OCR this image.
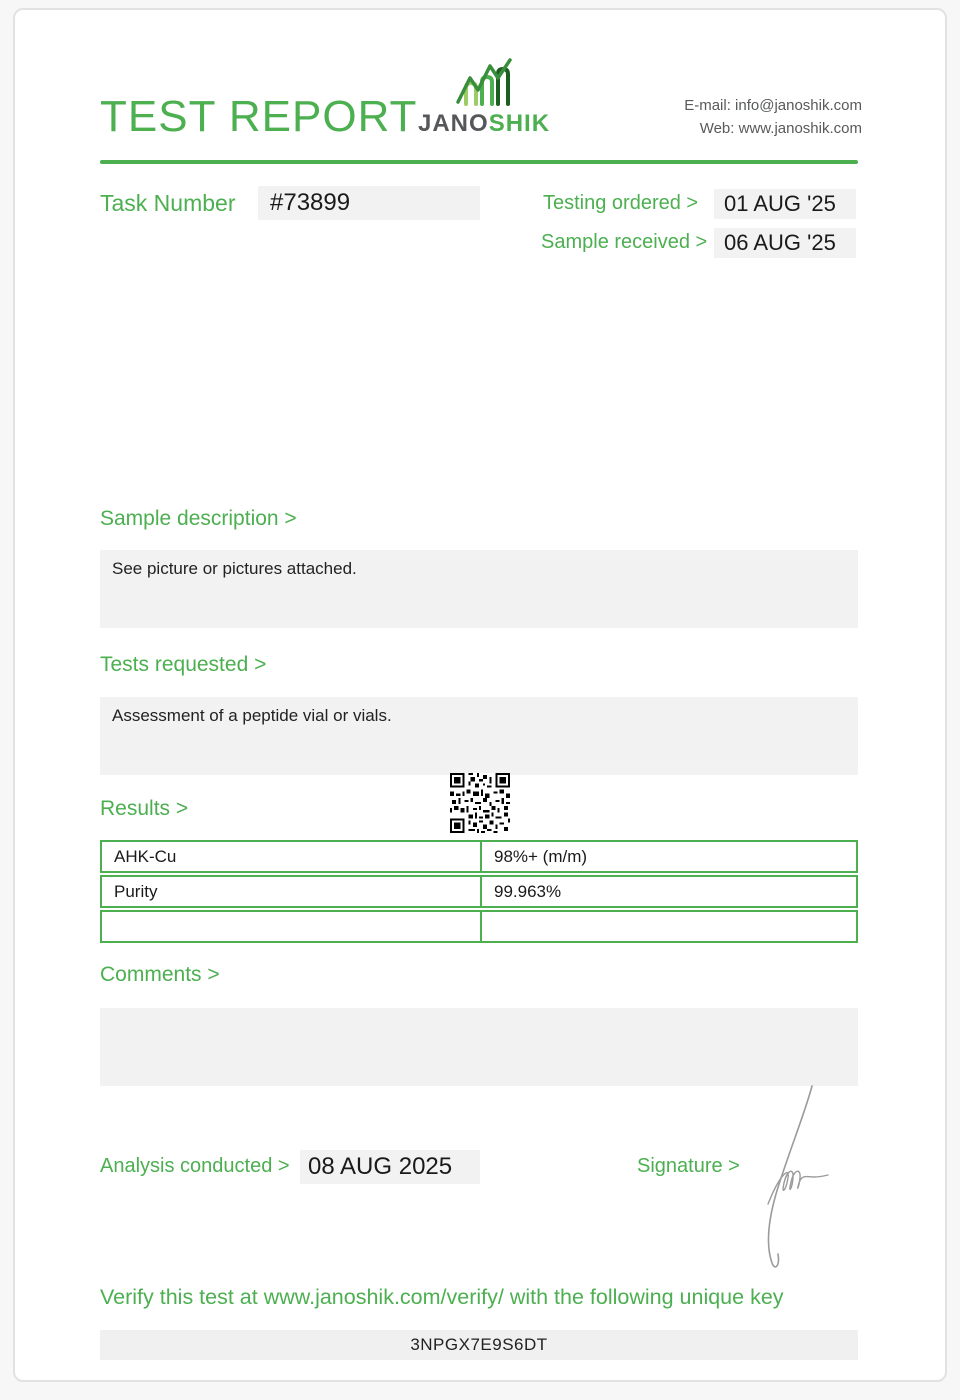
TEST REPORT JANOSHIK
E-mail: info@janoshik.com
Web: www.janoshik.com
Task Number	#73899	Testing ordered >	01 AUG '25
Sample received > 06 AUG '25
Sample description >
See picture or pictures attached.
Tests requested >
Assessment of a peptide vial or vials.
Results >
AHK-Cu	98%+ (m/m)
Purity	99.963%
Comments >
Analysis conducted > 08 AUG 2025	Signature >
Verify this test at www.janoshik.com/verify/ with the following unique key
3NPGX7E9S6DT
